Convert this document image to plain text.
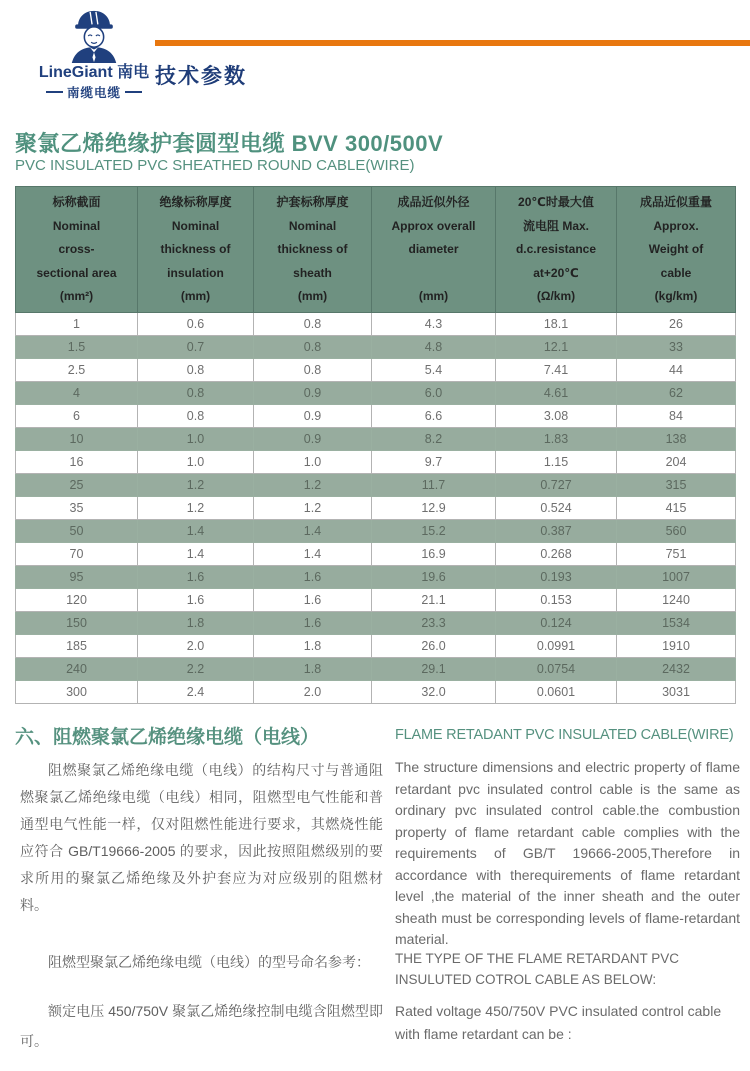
LineGiant 南电
南缆电缆
技术参数
聚氯乙烯绝缘护套圆型电缆 BVV 300/500V
PVC INSULATED PVC SHEATHED ROUND CABLE(WIRE)
标称截面
Nominal
cross-
sectional area
(mm²)

绝缘标称厚度
Nominal
thickness of
insulation
(mm)

护套标称厚度
Nominal
thickness of
sheath
(mm)

成品近似外径
Approx overall
diameter

(mm)

20℃时最大值
流电阻 Max.
d.c.resistance
at+20℃
(Ω/km)

成品近似重量
Approx.
Weight of
cable
(kg/km)

1	0.6	0.8	4.3	18.1	26
1.5	0.7	0.8	4.8	12.1	33
2.5	0.8	0.8	5.4	7.41	44
4	0.8	0.9	6.0	4.61	62
6	0.8	0.9	6.6	3.08	84
10	1.0	0.9	8.2	1.83	138
16	1.0	1.0	9.7	1.15	204
25	1.2	1.2	11.7	0.727	315
35	1.2	1.2	12.9	0.524	415
50	1.4	1.4	15.2	0.387	560
70	1.4	1.4	16.9	0.268	751
95	1.6	1.6	19.6	0.193	1007
120	1.6	1.6	21.1	0.153	1240
150	1.8	1.6	23.3	0.124	1534
185	2.0	1.8	26.0	0.0991	1910
240	2.2	1.8	29.1	0.0754	2432
300	2.4	2.0	32.0	0.0601	3031
六、阻燃聚氯乙烯绝缘电缆（电线）	FLAME RETADANT PVC INSULATED CABLE(WIRE)
阻燃聚氯乙烯绝缘电缆（电线）的结构尺寸与普通阻燃聚氯乙烯绝缘电缆（电线）相同，阻燃型电气性能和普通型电气性能一样，仅对阻燃性能进行要求，其燃烧性能应符合 GB/T19666-2005 的要求，因此按照阻燃级别的要求所用的聚氯乙烯绝缘及外护套应为对应级别的阻燃材料。
阻燃型聚氯乙烯绝缘电缆（电线）的型号命名参考：
额定电压 450/750V 聚氯乙烯绝缘控制电缆含阻燃型即可。
The structure dimensions and electric property of flame retardant pvc insulated control cable is the same as ordinary pvc insulated control cable.the combustion property of flame retardant cable complies with the requirements of GB/T 19666-2005,Therefore in accordance with therequirements of flame retardant level ,the material of the inner sheath and the outer sheath must be corresponding levels of flame-retardant material.
THE TYPE OF THE FLAME RETARDANT PVC INSULUTED COTROL CABLE AS BELOW:
Rated voltage 450/750V PVC insulated control cable with flame retardant can be :
